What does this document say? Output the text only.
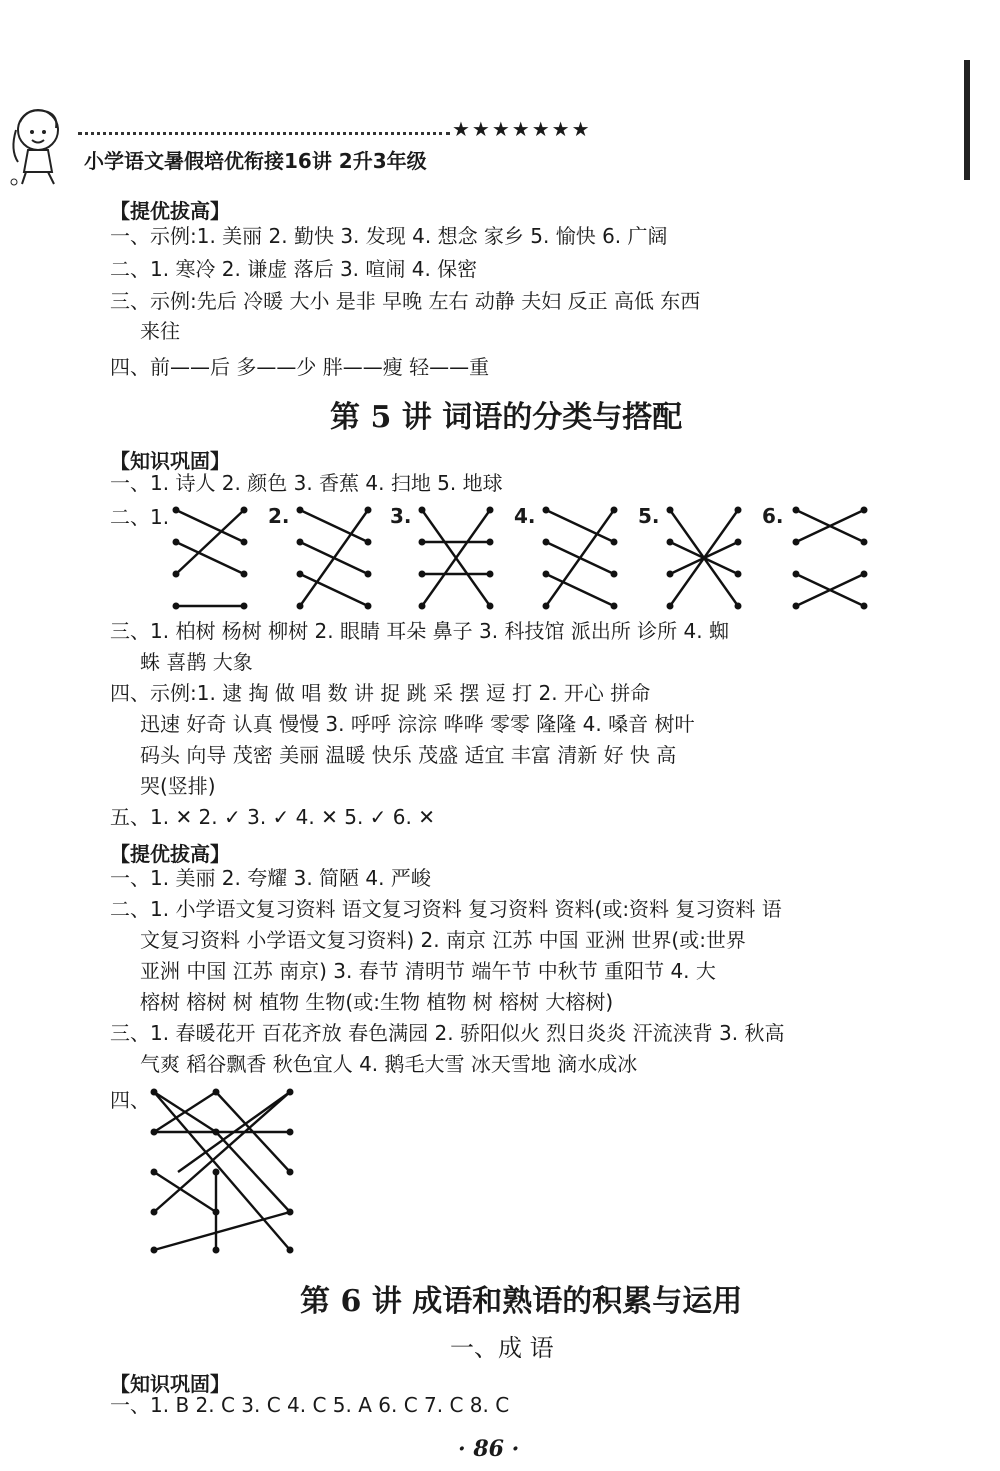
★★★★★★★
小学语文暑假培优衔接16讲 2升3年级
【提优拔高】
一、示例:1. 美丽 2. 勤快 3. 发现 4. 想念 家乡 5. 愉快 6. 广阔
二、1. 寒冷 2. 谦虚 落后 3. 喧闹 4. 保密
三、示例:先后 冷暖 大小 是非 早晚 左右 动静 夫妇 反正 高低 东西
来往
四、前——后 多——少 胖——瘦 轻——重
第 5 讲 词语的分类与搭配
【知识巩固】
一、1. 诗人 2. 颜色 3. 香蕉 4. 扫地 5. 地球
二、1.	2.	3.	4.	5.	6.
三、1. 柏树 杨树 柳树 2. 眼睛 耳朵 鼻子 3. 科技馆 派出所 诊所 4. 蜘
蛛 喜鹊 大象
四、示例:1. 逮 掏 做 唱 数 讲 捉 跳 采 摆 逗 打 2. 开心 拼命
迅速 好奇 认真 慢慢 3. 呼呼 淙淙 哗哗 零零 隆隆 4. 嗓音 树叶
码头 向导 茂密 美丽 温暖 快乐 茂盛 适宜 丰富 清新 好 快 高
哭(竖排)
五、1. ✕ 2. ✓ 3. ✓ 4. ✕ 5. ✓ 6. ✕
【提优拔高】
一、1. 美丽 2. 夸耀 3. 简陋 4. 严峻
二、1. 小学语文复习资料 语文复习资料 复习资料 资料(或:资料 复习资料 语
文复习资料 小学语文复习资料) 2. 南京 江苏 中国 亚洲 世界(或:世界
亚洲 中国 江苏 南京) 3. 春节 清明节 端午节 中秋节 重阳节 4. 大
榕树 榕树 树 植物 生物(或:生物 植物 树 榕树 大榕树)
三、1. 春暖花开 百花齐放 春色满园 2. 骄阳似火 烈日炎炎 汗流浃背 3. 秋高
气爽 稻谷飘香 秋色宜人 4. 鹅毛大雪 冰天雪地 滴水成冰
四、
第 6 讲 成语和熟语的积累与运用
一、成 语
【知识巩固】
一、1. B 2. C 3. C 4. C 5. A 6. C 7. C 8. C
· 86 ·
